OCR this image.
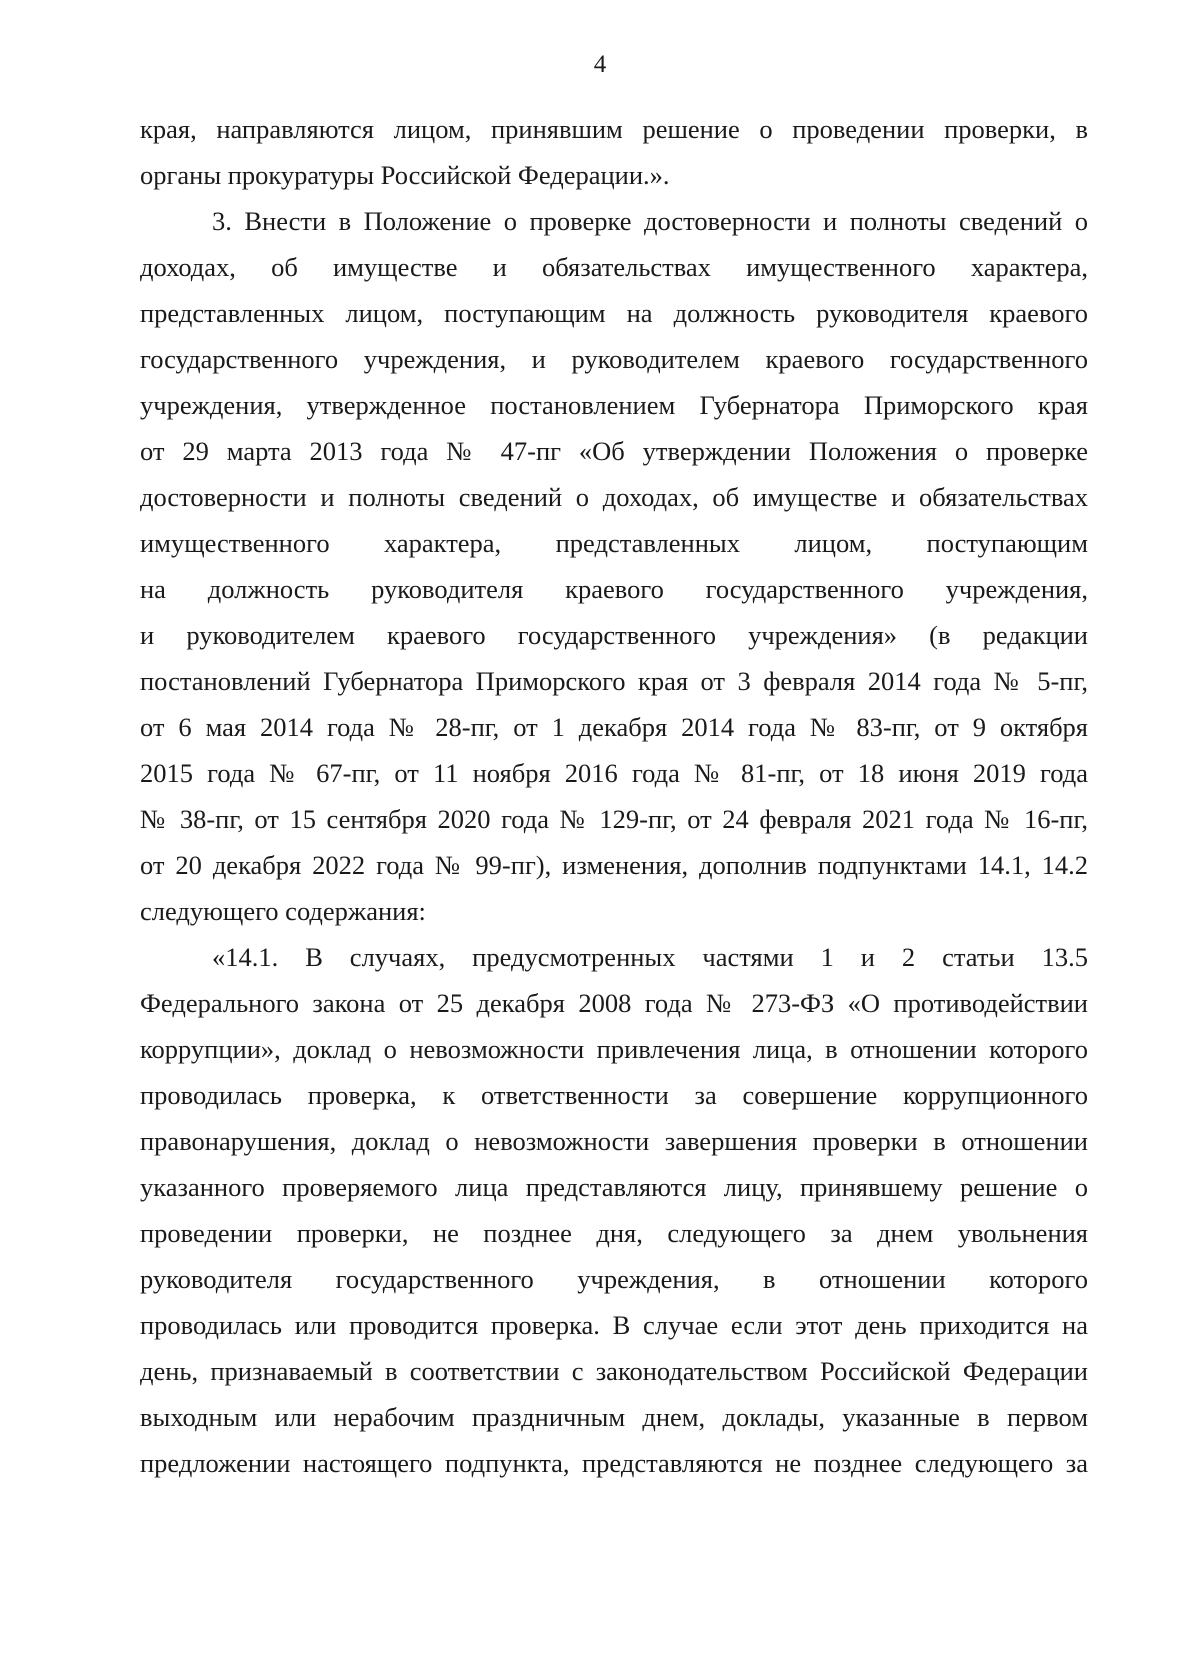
4
края, направляются лицом, принявшим решение о проведении проверки, в
органы прокуратуры Российской Федерации.».
3. Внести в Положение о проверке достоверности и полноты сведений о
доходах, об имуществе и обязательствах имущественного характера,
представленных лицом, поступающим на должность руководителя краевого
государственного учреждения, и руководителем краевого государственного
учреждения, утвержденное постановлением Губернатора Приморского края
от 29 марта 2013 года № 47-пг «Об утверждении Положения о проверке
достоверности и полноты сведений о доходах, об имуществе и обязательствах
имущественного характера, представленных лицом, поступающим
на должность руководителя краевого государственного учреждения,
и руководителем краевого государственного учреждения» (в редакции
постановлений Губернатора Приморского края от 3 февраля 2014 года № 5-пг,
от 6 мая 2014 года № 28-пг, от 1 декабря 2014 года № 83-пг, от 9 октября
2015 года № 67-пг, от 11 ноября 2016 года № 81-пг, от 18 июня 2019 года
№ 38-пг, от 15 сентября 2020 года № 129-пг, от 24 февраля 2021 года № 16-пг,
от 20 декабря 2022 года № 99-пг), изменения, дополнив подпунктами 14.1, 14.2
следующего содержания:
«14.1. В случаях, предусмотренных частями 1 и 2 статьи 13.5
Федерального закона от 25 декабря 2008 года № 273-ФЗ «О противодействии
коррупции», доклад о невозможности привлечения лица, в отношении которого
проводилась проверка, к ответственности за совершение коррупционного
правонарушения, доклад о невозможности завершения проверки в отношении
указанного проверяемого лица представляются лицу, принявшему решение о
проведении проверки, не позднее дня, следующего за днем увольнения
руководителя государственного учреждения, в отношении которого
проводилась или проводится проверка. В случае если этот день приходится на
день, признаваемый в соответствии с законодательством Российской Федерации
выходным или нерабочим праздничным днем, доклады, указанные в первом
предложении настоящего подпункта, представляются не позднее следующего за
